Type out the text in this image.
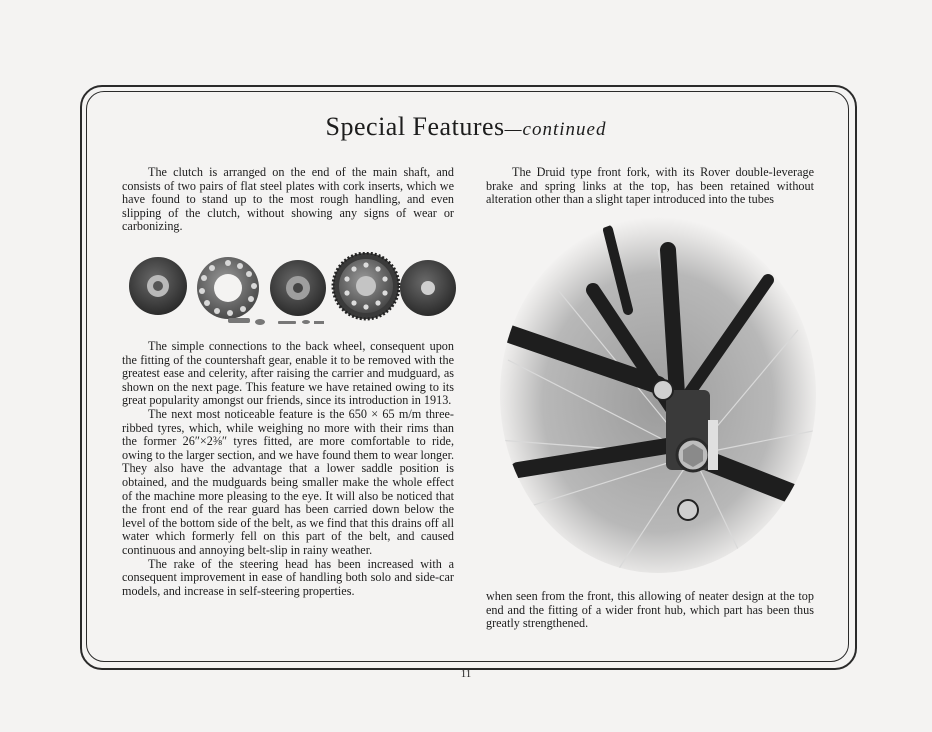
Special Features—continued

The clutch is arranged on the end of the main shaft, and consists of two pairs of flat steel plates with cork inserts, which we have found to stand up to the most rough handling, and even slipping of the clutch, without showing any signs of wear or carbonizing.

The simple connections to the back wheel, consequent upon the fitting of the countershaft gear, enable it to be removed with the greatest ease and celerity, after raising the carrier and mudguard, as shown on the next page. This feature we have retained owing to its great popularity amongst our friends, since its introduction in 1913.

The next most noticeable feature is the 650 × 65 m/m three-ribbed tyres, which, while weighing no more with their rims than the former 26″×2⅜″ tyres fitted, are more comfortable to ride, owing to the larger section, and we have found them to wear longer. They also have the advantage that a lower saddle position is obtained, and the mudguards being smaller make the whole effect of the machine more pleasing to the eye. It will also be noticed that the front end of the rear guard has been carried down below the level of the bottom side of the belt, as we find that this drains off all water which formerly fell on this part of the belt, and caused continuous and annoying belt-slip in rainy weather.

The rake of the steering head has been increased with a consequent improvement in ease of handling both solo and side-car models, and increase in self-steering properties.

The Druid type front fork, with its Rover double-leverage brake and spring links at the top, has been retained without alteration other than a slight taper introduced into the tubes

when seen from the front, this allowing of neater design at the top end and the fitting of a wider front hub, which part has been thus greatly strengthened.

11
